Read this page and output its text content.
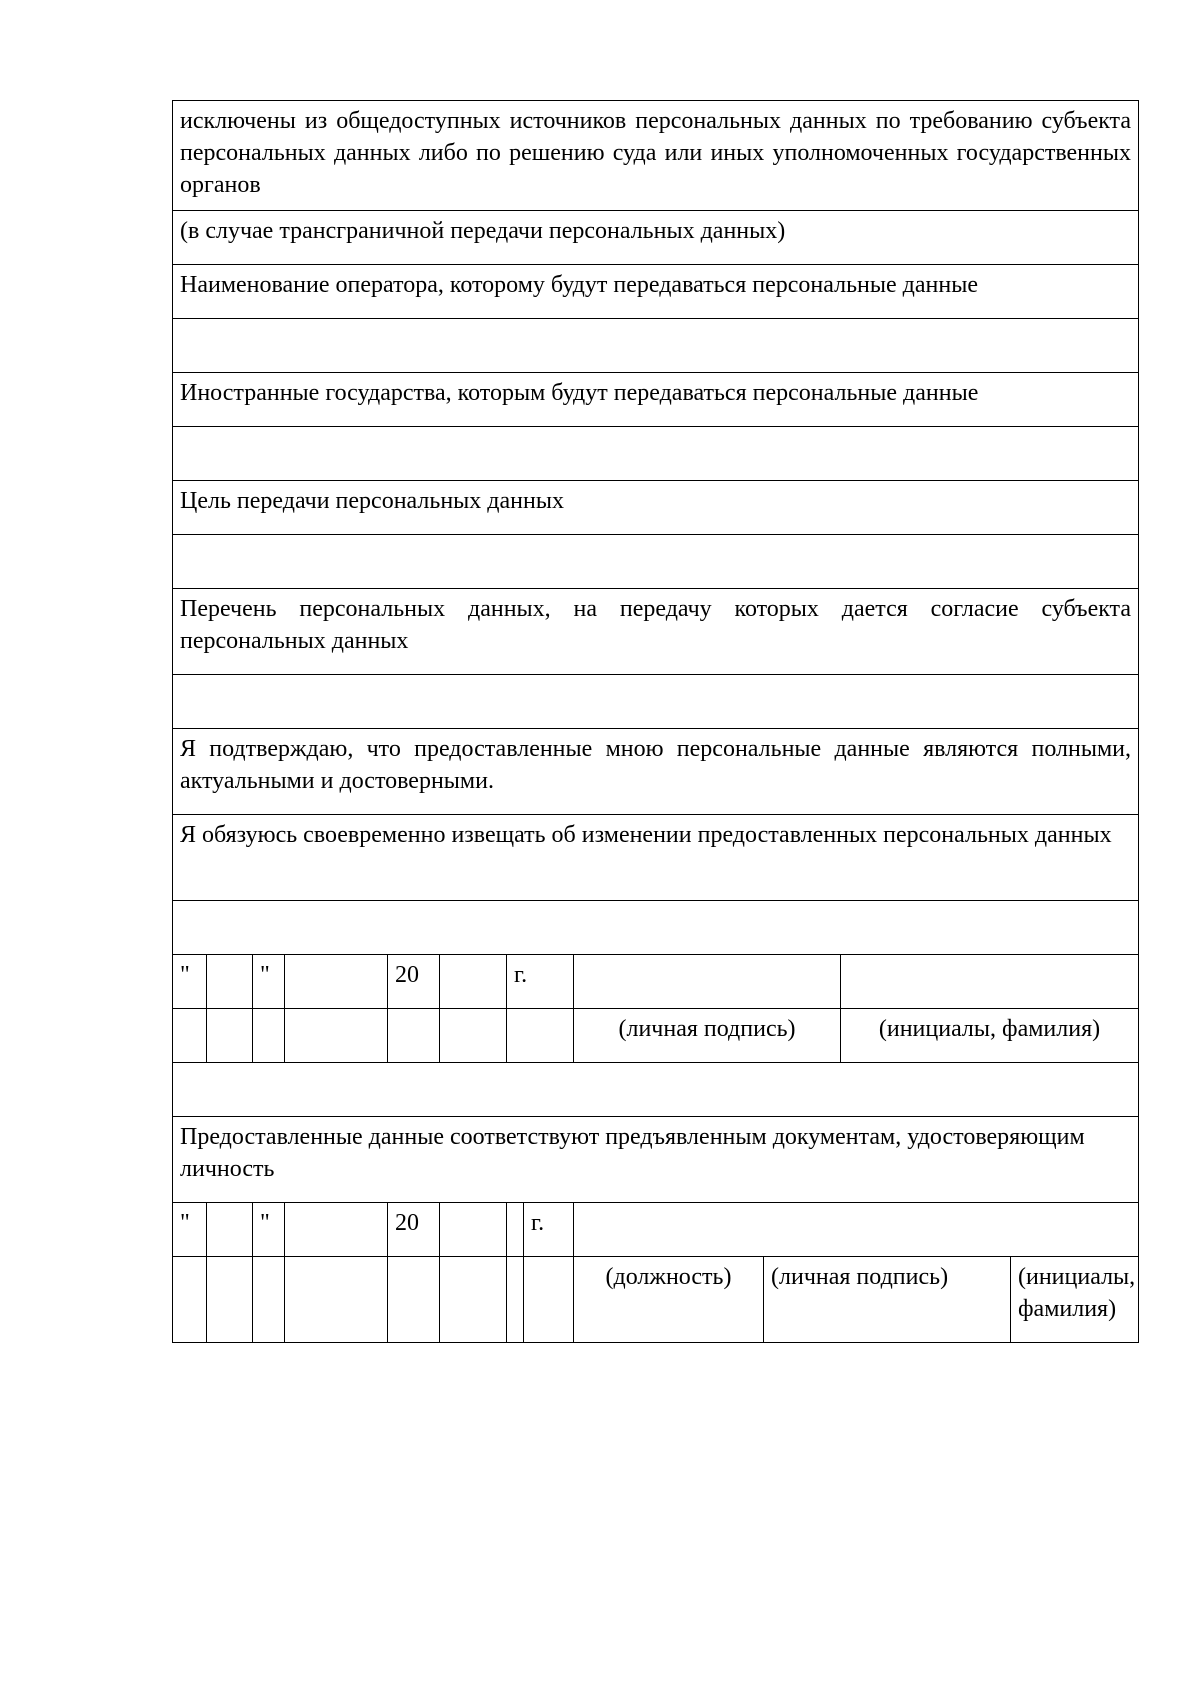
исключены из общедоступных источников персональных данных по требованию субъекта персональных данных либо по решению суда или иных уполномоченных государственных органов											
(в случае трансграничной передачи персональных данных)											
Наименование оператора, которому будут передаваться персональные данные											

Иностранные государства, которым будут передаваться персональные данные											

Цель передачи персональных данных											

Перечень персональных данных, на передачу которых дается согласие субъекта персональных данных											

Я подтверждаю, что предоставленные мною персональные данные являются полными, актуальными и достоверными.											
Я обязуюсь своевременно извещать об изменении предоставленных персональных данных											

"		"		20		г.					
								(личная подпись)		(инициалы, фамилия)	

Предоставленные данные соответствуют предъявленным документам, удостоверяющим личность											
"		"		20			г.				
								(должность)	(личная подпись)		(инициалы, фамилия)
